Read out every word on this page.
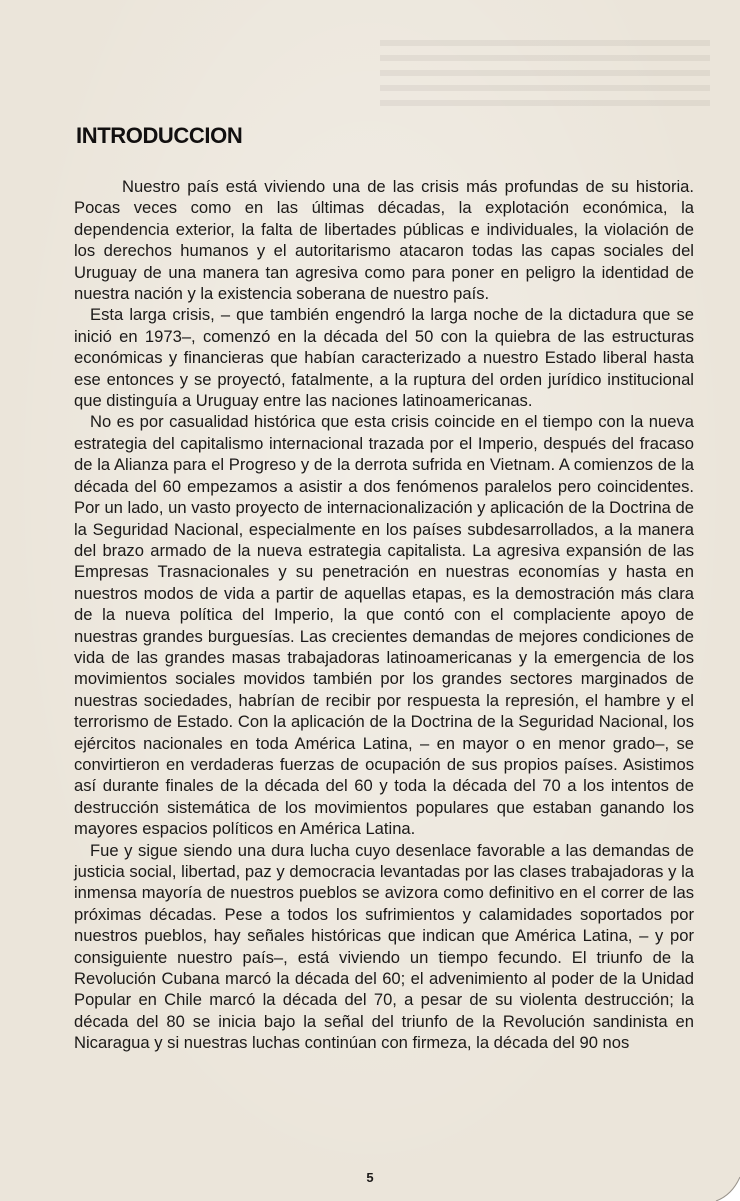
INTRODUCCION

Nuestro país está viviendo una de las crisis más profundas de su historia. Pocas veces como en las últimas décadas, la explotación económica, la dependencia exterior, la falta de libertades públicas e individuales, la violación de los derechos humanos y el autoritarismo atacaron todas las capas sociales del Uruguay de una manera tan agresiva como para poner en peligro la identidad de nuestra nación y la existencia soberana de nuestro país.

Esta larga crisis, – que también engendró la larga noche de la dictadura que se inició en 1973–, comenzó en la década del 50 con la quiebra de las estructuras económicas y financieras que habían caracterizado a nuestro Estado liberal hasta ese entonces y se proyectó, fatalmente, a la ruptura del orden jurídico institucional que distinguía a Uruguay entre las naciones latinoamericanas.

No es por casualidad histórica que esta crisis coincide en el tiempo con la nueva estrategia del capitalismo internacional trazada por el Imperio, después del fracaso de la Alianza para el Progreso y de la derrota sufrida en Vietnam. A comienzos de la década del 60 empezamos a asistir a dos fenómenos paralelos pero coincidentes. Por un lado, un vasto proyecto de internacionalización y aplicación de la Doctrina de la Seguridad Nacional, especialmente en los países subdesarrollados, a la manera del brazo armado de la nueva estrategia capitalista. La agresiva expansión de las Empresas Trasnacionales y su penetración en nuestras economías y hasta en nuestros modos de vida a partir de aquellas etapas, es la demostración más clara de la nueva política del Imperio, la que contó con el complaciente apoyo de nuestras grandes burguesías. Las crecientes demandas de mejores condiciones de vida de las grandes masas trabajadoras latinoamericanas y la emergencia de los movimientos sociales movidos también por los grandes sectores marginados de nuestras sociedades, habrían de recibir por respuesta la represión, el hambre y el terrorismo de Estado. Con la aplicación de la Doctrina de la Seguridad Nacional, los ejércitos nacionales en toda América Latina, – en mayor o en menor grado–, se convirtieron en verdaderas fuerzas de ocupación de sus propios países. Asistimos así durante finales de la década del 60 y toda la década del 70 a los intentos de destrucción sistemática de los movimientos populares que estaban ganando los mayores espacios políticos en América Latina.

Fue y sigue siendo una dura lucha cuyo desenlace favorable a las demandas de justicia social, libertad, paz y democracia levantadas por las clases trabajadoras y la inmensa mayoría de nuestros pueblos se avizora como definitivo en el correr de las próximas décadas. Pese a todos los sufrimientos y calamidades soportados por nuestros pueblos, hay señales históricas que indican que América Latina, – y por consiguiente nuestro país–, está viviendo un tiempo fecundo. El triunfo de la Revolución Cubana marcó la década del 60; el advenimiento al poder de la Unidad Popular en Chile marcó la década del 70, a pesar de su violenta destrucción; la década del 80 se inicia bajo la señal del triunfo de la Revolución sandinista en Nicaragua y si nuestras luchas continúan con firmeza, la década del 90 nos

5
